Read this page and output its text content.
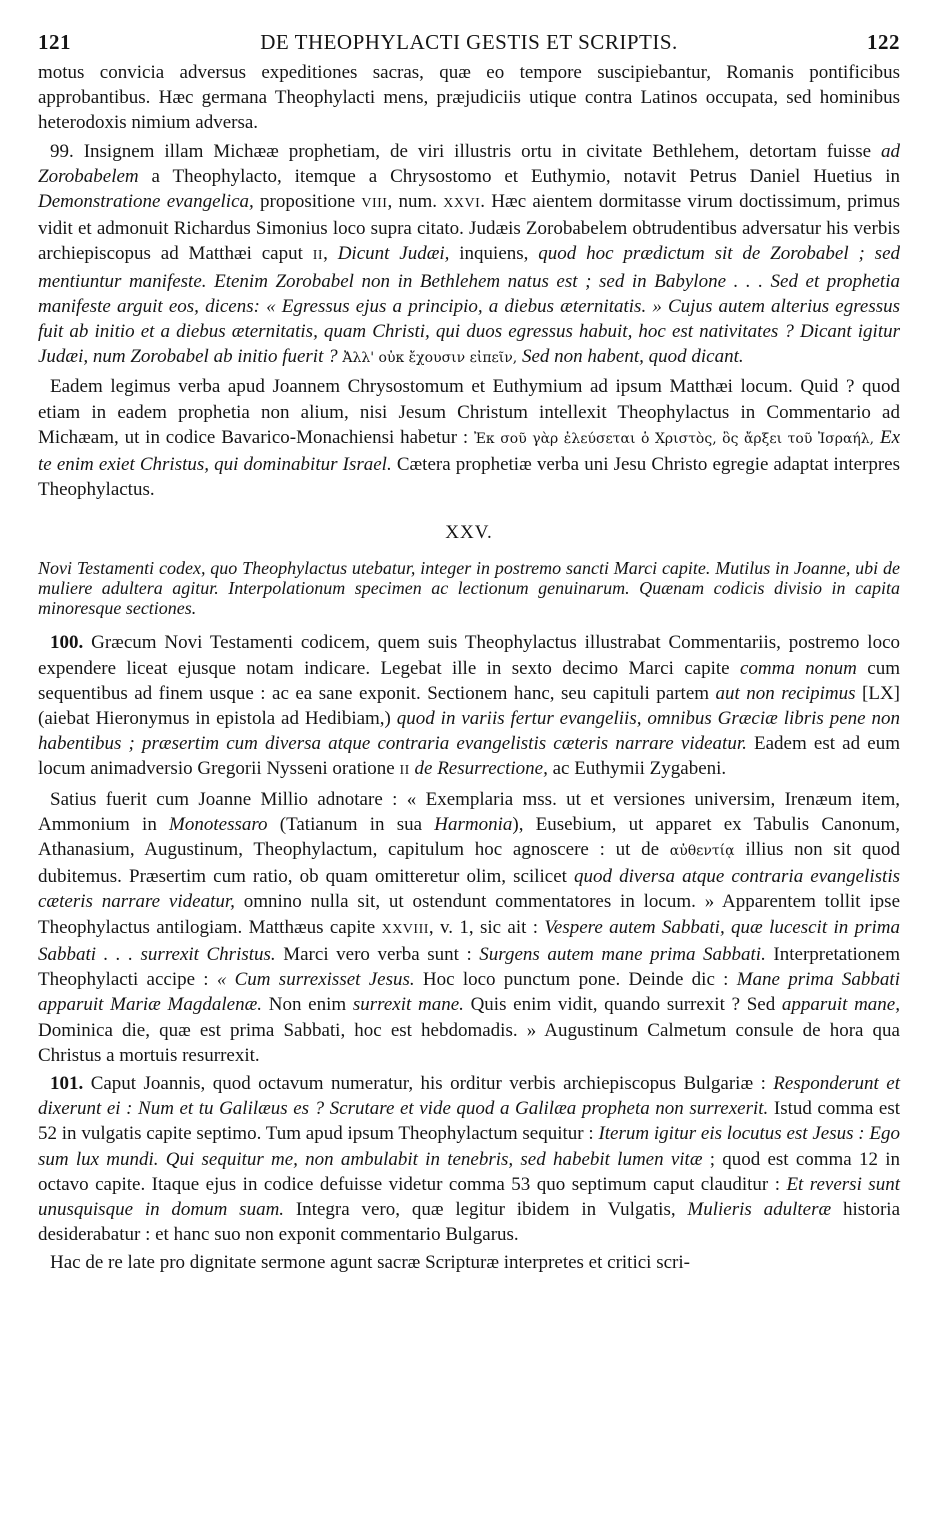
121	DE THEOPHYLACTI GESTIS ET SCRIPTIS.	122

motus convicia adversus expeditiones sacras, quæ eo tempore suscipiebantur, Romanis pontificibus approbantibus. Hæc germana Theophylacti mens, præjudiciis utique contra Latinos occupata, sed hominibus heterodoxis nimium adversa.

99. Insignem illam Michææ prophetiam, de viri illustris ortu in civitate Bethlehem, detortam fuisse ad Zorobabelem a Theophylacto, itemque a Chrysostomo et Euthymio, notavit Petrus Daniel Huetius in Demonstratione evangelica, propositione VIII, num. XXVI. Hæc aientem dormitasse virum doctissimum, primus vidit et admonuit Richardus Simonius loco supra citato. Judæis Zorobabelem obtrudentibus adversatur his verbis archiepiscopus ad Matthæi caput II, Dicunt Judæi, inquiens, quod hoc prædictum sit de Zorobabel ; sed mentiuntur manifeste. Etenim Zorobabel non in Bethlehem natus est ; sed in Babylone . . . Sed et prophetia manifeste arguit eos, dicens: « Egressus ejus a principio, a diebus æternitatis. » Cujus autem alterius egressus fuit ab initio et a diebus æternitatis, quam Christi, qui duos egressus habuit, hoc est nativitates ? Dicant igitur Judæi, num Zorobabel ab initio fuerit ? Ἀλλ' οὐκ ἔχουσιν εἰπεῖν, Sed non habent, quod dicant.

Eadem legimus verba apud Joannem Chrysostomum et Euthymium ad ipsum Matthæi locum. Quid ? quod etiam in eadem prophetia non alium, nisi Jesum Christum intellexit Theophylactus in Commentario ad Michæam, ut in codice Bavarico-Monachiensi habetur : Ἐκ σοῦ γὰρ ἐλεύσεται ὁ Χριστὸς, ὃς ἄρξει τοῦ Ἰσραήλ, Ex te enim exiet Christus, qui dominabitur Israel. Cætera prophetiæ verba uni Jesu Christo egregie adaptat interpres Theophylactus.

XXV.

Novi Testamenti codex, quo Theophylactus utebatur, integer in postremo sancti Marci capite. Mutilus in Joanne, ubi de muliere adultera agitur. Interpolationum specimen ac lectionum genuinarum. Quænam codicis divisio in capita minoresque sectiones.

100. Græcum Novi Testamenti codicem, quem suis Theophylactus illustrabat Commentariis, postremo loco expendere liceat ejusque notam indicare. Legebat ille in sexto decimo Marci capite comma nonum cum sequentibus ad finem usque : ac ea sane exponit. Sectionem hanc, seu capituli partem aut non recipimus [LX] (aiebat Hieronymus in epistola ad Hedibiam,) quod in variis fertur evangeliis, omnibus Græciæ libris pene non habentibus ; præsertim cum diversa atque contraria evangelistis cæteris narrare videatur. Eadem est ad eum locum animadversio Gregorii Nysseni oratione II de Resurrectione, ac Euthymii Zygabeni.

Satius fuerit cum Joanne Millio adnotare : « Exemplaria mss. ut et versiones universim, Irenæum item, Ammonium in Monotessaro (Tatianum in sua Harmonia), Eusebium, ut apparet ex Tabulis Canonum, Athanasium, Augustinum, Theophylactum, capitulum hoc agnoscere : ut de αὐθεντίᾳ illius non sit quod dubitemus. Præsertim cum ratio, ob quam omitteretur olim, scilicet quod diversa atque contraria evangelistis cæteris narrare videatur, omnino nulla sit, ut ostendunt commentatores in locum. » Apparentem tollit ipse Theophylactus antilogiam. Matthæus capite XXVIII, v. 1, sic ait : Vespere autem Sabbati, quæ lucescit in prima Sabbati . . . surrexit Christus. Marci vero verba sunt : Surgens autem mane prima Sabbati. Interpretationem Theophylacti accipe : « Cum surrexisset Jesus. Hoc loco punctum pone. Deinde dic : Mane prima Sabbati apparuit Mariæ Magdalenæ. Non enim surrexit mane. Quis enim vidit, quando surrexit ? Sed apparuit mane, Dominica die, quæ est prima Sabbati, hoc est hebdomadis. » Augustinum Calmetum consule de hora qua Christus a mortuis resurrexit.

101. Caput Joannis, quod octavum numeratur, his orditur verbis archiepiscopus Bulgariæ : Responderunt et dixerunt ei : Num et tu Galilæus es ? Scrutare et vide quod a Galilæa propheta non surrexerit. Istud comma est 52 in vulgatis capite septimo. Tum apud ipsum Theophylactum sequitur : Iterum igitur eis locutus est Jesus : Ego sum lux mundi. Qui sequitur me, non ambulabit in tenebris, sed habebit lumen vitæ ; quod est comma 12 in octavo capite. Itaque ejus in codice defuisse videtur comma 53 quo septimum caput clauditur : Et reversi sunt unusquisque in domum suam. Integra vero, quæ legitur ibidem in Vulgatis, Mulieris adulteræ historia desiderabatur : et hanc suo non exponit commentario Bulgarus.

Hac de re late pro dignitate sermone agunt sacræ Scripturæ interpretes et critici scri-
